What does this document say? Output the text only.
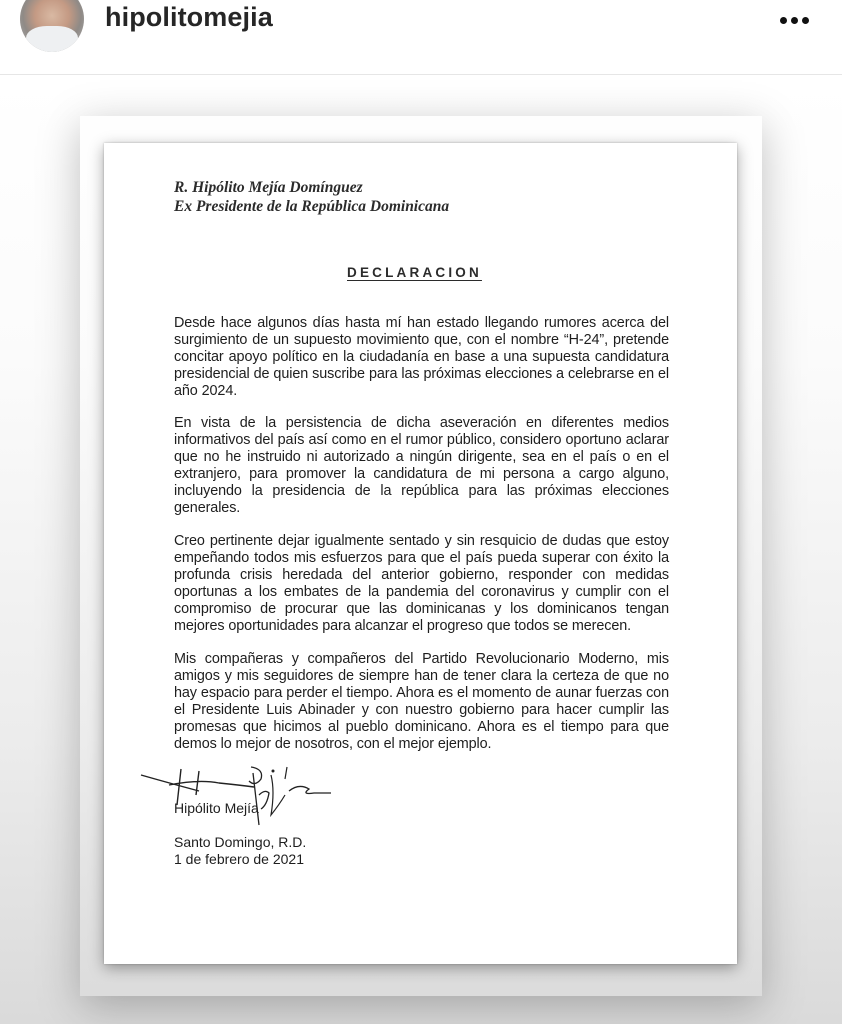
hipolitomejia
R. Hipólito Mejía Domínguez
Ex Presidente de la República Dominicana
DECLARACION
Desde hace algunos días hasta mí han estado llegando rumores acerca del surgimiento de un supuesto movimiento que, con el nombre “H-24”, pretende concitar apoyo político en la ciudadanía en base a una supuesta candidatura presidencial de quien suscribe para las próximas elecciones a celebrarse en el año 2024.
En vista de la persistencia de dicha aseveración en diferentes medios informativos del país así como en el rumor público, considero oportuno aclarar que no he instruido ni autorizado a ningún dirigente, sea en el país o en el extranjero, para promover la candidatura de mi persona a cargo alguno, incluyendo la presidencia de la república para las próximas elecciones generales.
Creo pertinente dejar igualmente sentado y sin resquicio de dudas que estoy empeñando todos mis esfuerzos para que el país pueda superar con éxito la profunda crisis heredada del anterior gobierno, responder con medidas oportunas a los embates de la pandemia del coronavirus y cumplir con el compromiso de procurar que las dominicanas y los dominicanos tengan mejores oportunidades para alcanzar el progreso que todos se merecen.
Mis compañeras y compañeros del Partido Revolucionario Moderno, mis amigos y mis seguidores de siempre han de tener clara la certeza de que no hay espacio para perder el tiempo. Ahora es el momento de aunar fuerzas con el Presidente Luis Abinader y con nuestro gobierno para hacer cumplir las promesas que hicimos al pueblo dominicano. Ahora es el tiempo para que demos lo mejor de nosotros, con el mejor ejemplo.
Hipólito Mejía
Santo Domingo, R.D.
1 de febrero de 2021
